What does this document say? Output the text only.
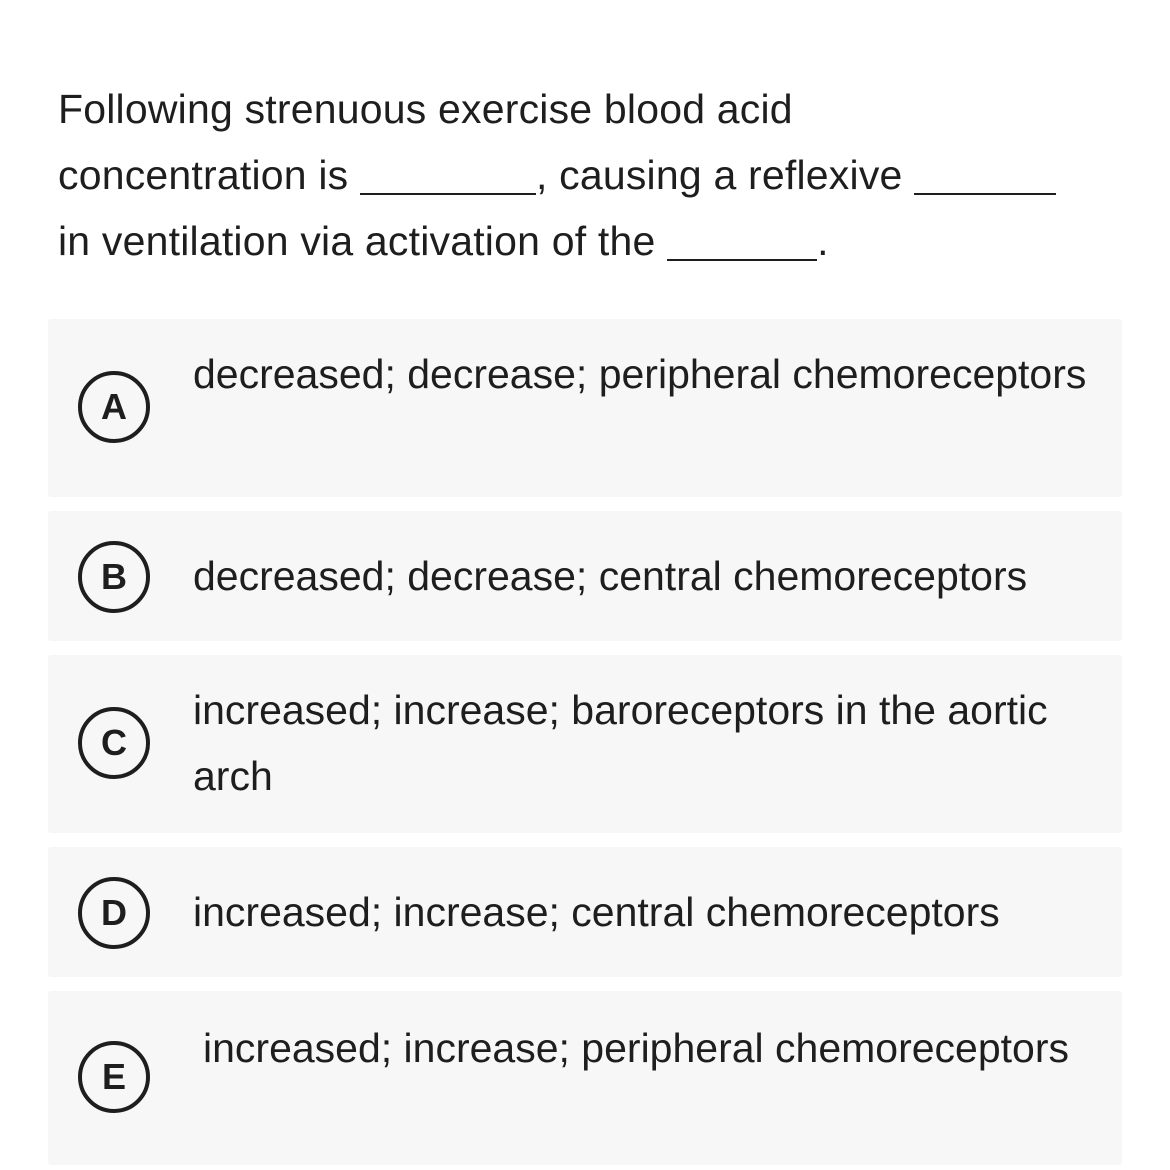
Following strenuous exercise blood acid
concentration is	, causing a reflexive
in ventilation via activation of the	.
A
decreased; decrease; peripheral chemoreceptors
B decreased; decrease; central chemoreceptors
C
increased; increase; baroreceptors in the aortic arch
D increased; increase; central chemoreceptors
E
increased; increase; peripheral chemoreceptors
